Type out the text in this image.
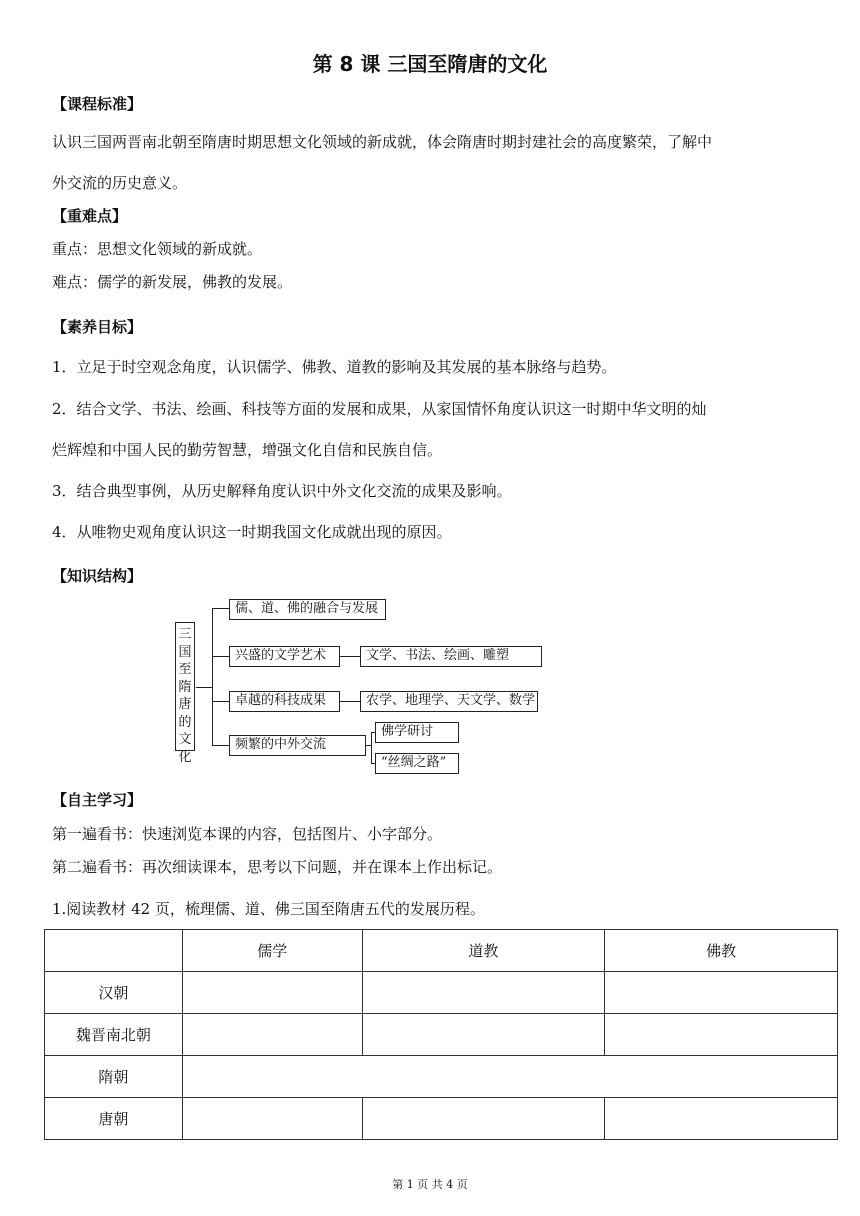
第 8 课 三国至隋唐的文化
【课程标准】
认识三国两晋南北朝至隋唐时期思想文化领域的新成就，体会隋唐时期封建社会的高度繁荣，了解中
外交流的历史意义。
【重难点】
重点：思想文化领域的新成就。
难点：儒学的新发展，佛教的发展。
【素养目标】
1．立足于时空观念角度，认识儒学、佛教、道教的影响及其发展的基本脉络与趋势。
2．结合文学、书法、绘画、科技等方面的发展和成果，从家国情怀角度认识这一时期中华文明的灿
烂辉煌和中国人民的勤劳智慧，增强文化自信和民族自信。
3．结合典型事例，从历史解释角度认识中外文化交流的成果及影响。
4．从唯物史观角度认识这一时期我国文化成就出现的原因。
【知识结构】
三
国
至
隋
唐
的
文
化
儒、道、佛的融合与发展
兴盛的文学艺术
卓越的科技成果
频繁的中外交流
文学、书法、绘画、雕塑
农学、地理学、天文学、数学
佛学研讨
“丝绸之路”
【自主学习】
第一遍看书：快速浏览本课的内容，包括图片、小字部分。
第二遍看书：再次细读课本，思考以下问题，并在课本上作出标记。
1.阅读教材 42 页，梳理儒、道、佛三国至隋唐五代的发展历程。
	儒学	道教	佛教
汉朝			
魏晋南北朝			
隋朝			
唐朝			
第 1 页 共 4 页
